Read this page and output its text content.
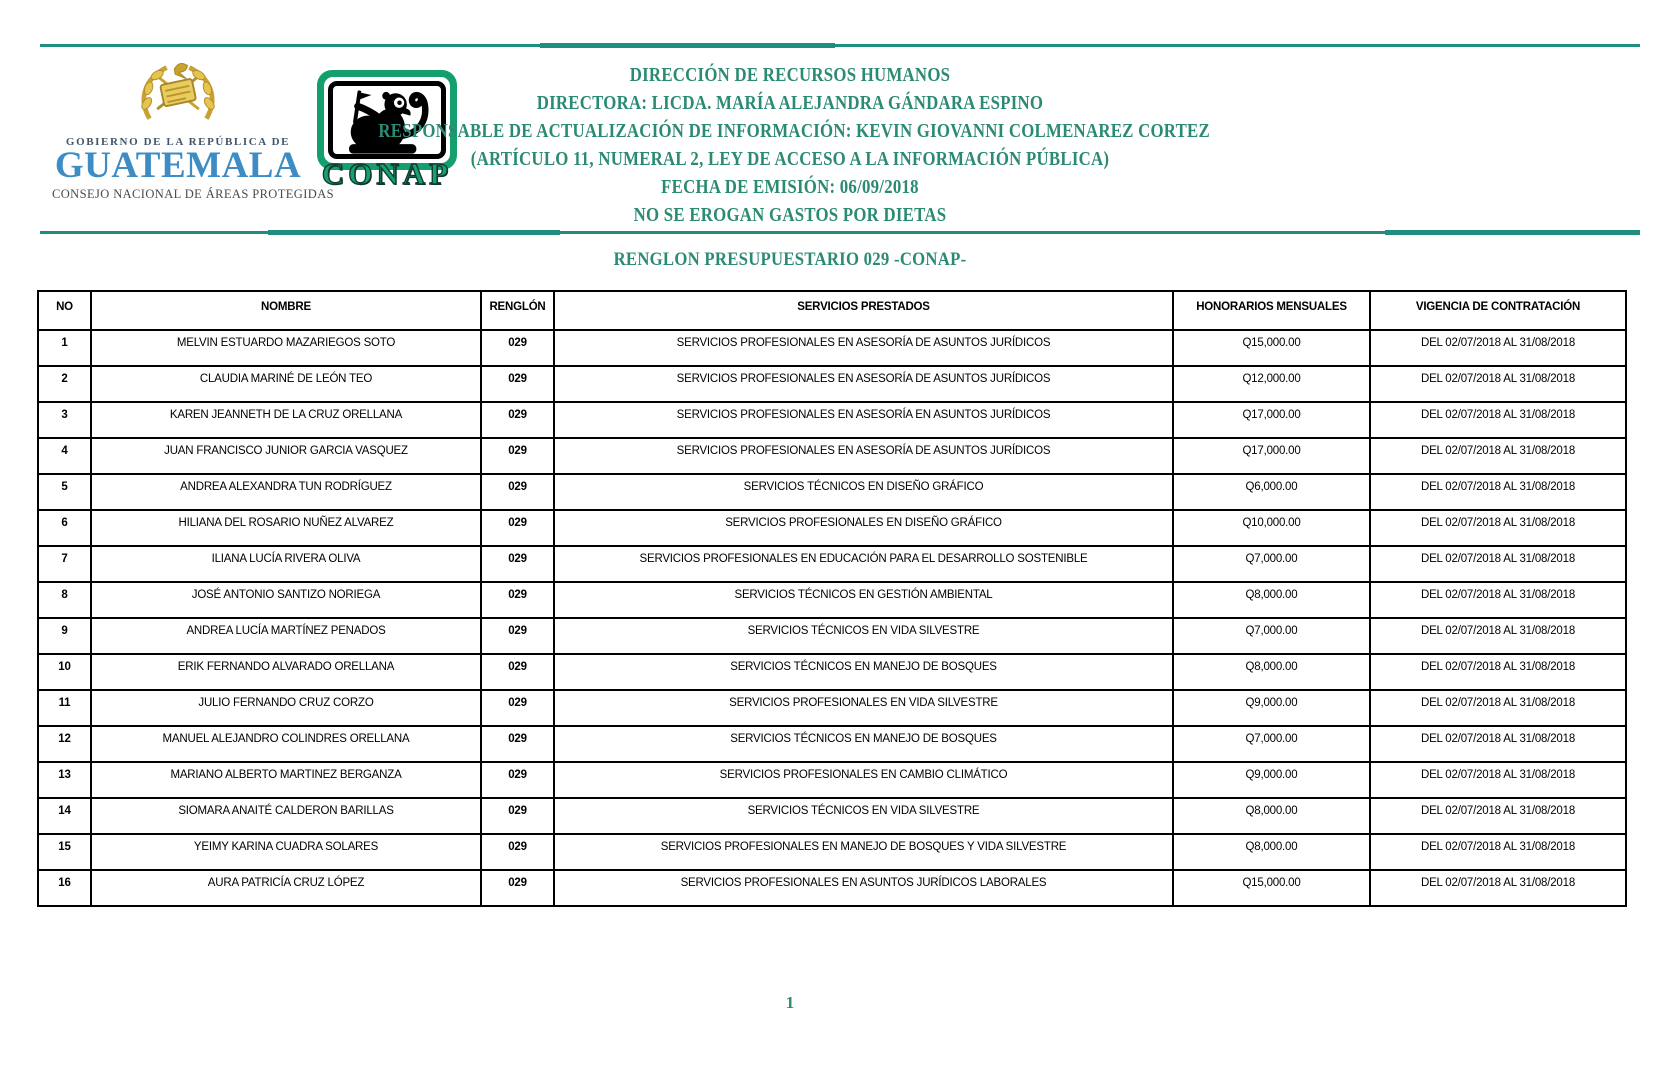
GOBIERNO DE LA REPÚBLICA DE
GUATEMALA
CONSEJO NACIONAL DE ÁREAS PROTEGIDAS
CONAP
DIRECCIÓN DE RECURSOS HUMANOS
DIRECTORA: LICDA. MARÍA ALEJANDRA GÁNDARA ESPINO
RESPONSABLE DE ACTUALIZACIÓN DE INFORMACIÓN: KEVIN GIOVANNI COLMENAREZ CORTEZ
(ARTÍCULO 11, NUMERAL 2, LEY DE ACCESO A LA INFORMACIÓN PÚBLICA)
FECHA DE EMISIÓN: 06/09/2018
NO SE EROGAN GASTOS POR DIETAS
RENGLON PRESUPUESTARIO 029 -CONAP-
NO	NOMBRE	RENGLÓN	SERVICIOS PRESTADOS	HONORARIOS MENSUALES	VIGENCIA DE CONTRATACIÓN
1	MELVIN ESTUARDO MAZARIEGOS SOTO	029	SERVICIOS PROFESIONALES EN ASESORÍA DE ASUNTOS JURÍDICOS	Q15,000.00	DEL 02/07/2018 AL 31/08/2018
2	CLAUDIA MARINÉ DE LEÓN TEO	029	SERVICIOS PROFESIONALES EN ASESORÍA DE ASUNTOS JURÍDICOS	Q12,000.00	DEL 02/07/2018 AL 31/08/2018
3	KAREN JEANNETH DE LA CRUZ ORELLANA	029	SERVICIOS PROFESIONALES EN ASESORÍA EN ASUNTOS JURÍDICOS	Q17,000.00	DEL 02/07/2018 AL 31/08/2018
4	JUAN FRANCISCO JUNIOR GARCIA VASQUEZ	029	SERVICIOS PROFESIONALES EN ASESORÍA DE ASUNTOS JURÍDICOS	Q17,000.00	DEL 02/07/2018 AL 31/08/2018
5	ANDREA ALEXANDRA TUN RODRÍGUEZ	029	SERVICIOS TÉCNICOS EN DISEÑO GRÁFICO	Q6,000.00	DEL 02/07/2018 AL 31/08/2018
6	HILIANA DEL ROSARIO NUÑEZ ALVAREZ	029	SERVICIOS PROFESIONALES EN DISEÑO GRÁFICO	Q10,000.00	DEL 02/07/2018 AL 31/08/2018
7	ILIANA LUCÍA RIVERA OLIVA	029	SERVICIOS PROFESIONALES EN EDUCACIÓN PARA EL DESARROLLO SOSTENIBLE	Q7,000.00	DEL 02/07/2018 AL 31/08/2018
8	JOSÉ ANTONIO SANTIZO NORIEGA	029	SERVICIOS TÉCNICOS EN GESTIÓN AMBIENTAL	Q8,000.00	DEL 02/07/2018 AL 31/08/2018
9	ANDREA LUCÍA MARTÍNEZ PENADOS	029	SERVICIOS TÉCNICOS EN VIDA SILVESTRE	Q7,000.00	DEL 02/07/2018 AL 31/08/2018
10	ERIK FERNANDO ALVARADO ORELLANA	029	SERVICIOS TÉCNICOS EN MANEJO DE BOSQUES	Q8,000.00	DEL 02/07/2018 AL 31/08/2018
11	JULIO FERNANDO CRUZ CORZO	029	SERVICIOS PROFESIONALES EN VIDA SILVESTRE	Q9,000.00	DEL 02/07/2018 AL 31/08/2018
12	MANUEL ALEJANDRO COLINDRES ORELLANA	029	SERVICIOS TÉCNICOS EN MANEJO DE BOSQUES	Q7,000.00	DEL 02/07/2018 AL 31/08/2018
13	MARIANO ALBERTO MARTINEZ BERGANZA	029	SERVICIOS PROFESIONALES EN CAMBIO CLIMÁTICO	Q9,000.00	DEL 02/07/2018 AL 31/08/2018
14	SIOMARA ANAITÉ CALDERON BARILLAS	029	SERVICIOS TÉCNICOS EN VIDA SILVESTRE	Q8,000.00	DEL 02/07/2018 AL 31/08/2018
15	YEIMY KARINA CUADRA SOLARES	029	SERVICIOS PROFESIONALES EN MANEJO DE BOSQUES Y VIDA SILVESTRE	Q8,000.00	DEL 02/07/2018 AL 31/08/2018
16	AURA PATRICÍA CRUZ LÓPEZ	029	SERVICIOS PROFESIONALES EN ASUNTOS JURÍDICOS LABORALES	Q15,000.00	DEL 02/07/2018 AL 31/08/2018
1
